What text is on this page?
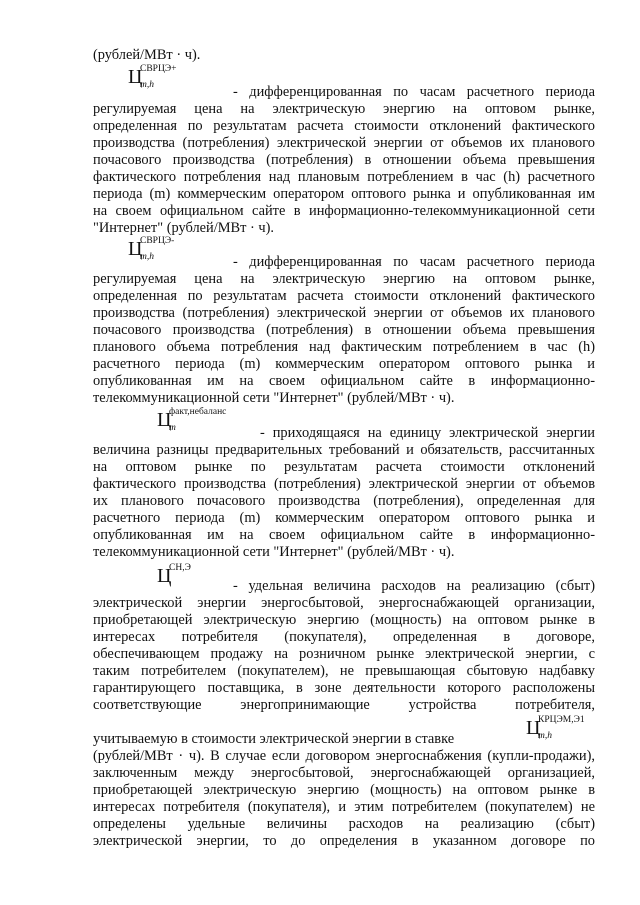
(рублей/МВт · ч).
Ц
СВРЦЭ+
m,h	- дифференцированная по часам расчетного периода
регулируемая цена на электрическую энергию на оптовом рынке,
определенная по результатам расчета стоимости отклонений фактического
производства (потребления) электрической энергии от объемов их планового
почасового производства (потребления) в отношении объема превышения
фактического потребления над плановым потреблением в час (h) расчетного
периода (m) коммерческим оператором оптового рынка и опубликованная им
на своем официальном сайте в информационно-телекоммуникационной сети
"Интернет" (рублей/МВт · ч).
Ц
СВРЦЭ-
m,h	- дифференцированная по часам расчетного периода
регулируемая цена на электрическую энергию на оптовом рынке,
определенная по результатам расчета стоимости отклонений фактического
производства (потребления) электрической энергии от объемов их планового
почасового производства (потребления) в отношении объема превышения
планового объема потребления над фактическим потреблением в час (h)
расчетного периода (m) коммерческим оператором оптового рынка и
опубликованная им на своем официальном сайте в информационно-
телекоммуникационной сети "Интернет" (рублей/МВт · ч).
Ц
факт,небаланс
m	- приходящаяся на единицу электрической энергии
величина разницы предварительных требований и обязательств, рассчитанных
на оптовом рынке по результатам расчета стоимости отклонений
фактического производства (потребления) электрической энергии от объемов
их планового почасового производства (потребления), определенная для
расчетного периода (m) коммерческим оператором оптового рынка и
опубликованная им на своем официальном сайте в информационно-
телекоммуникационной сети "Интернет" (рублей/МВт · ч).
Ц
СН,Э
- удельная величина расходов на реализацию (сбыт)
электрической энергии энергосбытовой, энергоснабжающей организации,
приобретающей электрическую энергию (мощность) на оптовом рынке в
интересах потребителя (покупателя), определенная в договоре,
обеспечивающем продажу на розничном рынке электрической энергии, с
таким потребителем (покупателем), не превышающая сбытовую надбавку
гарантирующего поставщика, в зоне деятельности которого расположены
соответствующие энергопринимающие устройства потребителя,
учитываемую в стоимости электрической энергии в ставке	Ц
КРЦЭМ,Э1
m,h
(рублей/МВт · ч). В случае если договором энергоснабжения (купли-продажи),
заключенным между энергосбытовой, энергоснабжающей организацией,
приобретающей электрическую энергию (мощность) на оптовом рынке в
интересах потребителя (покупателя), и этим потребителем (покупателем) не
определены удельные величины расходов на реализацию (сбыт)
электрической энергии, то до определения в указанном договоре по
